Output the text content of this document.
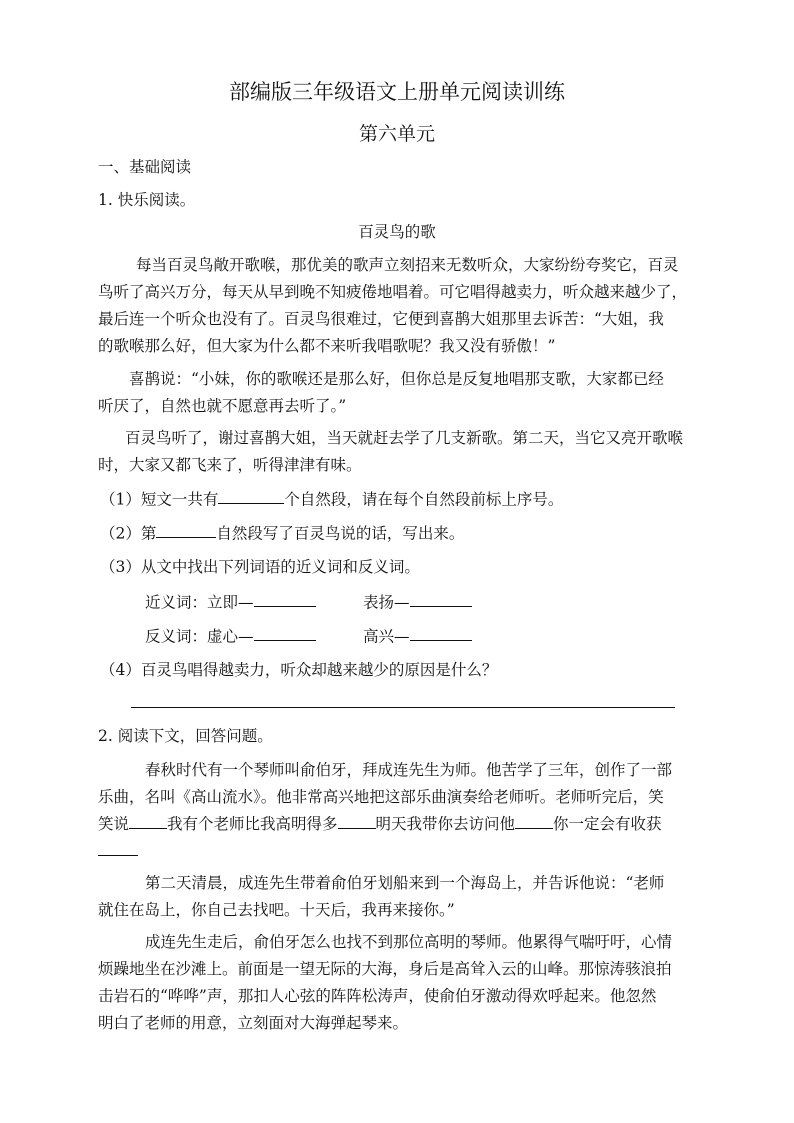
部编版三年级语文上册单元阅读训练
第六单元
一、基础阅读
1. 快乐阅读。
百灵鸟的歌
每当百灵鸟敞开歌喉，那优美的歌声立刻招来无数听众，大家纷纷夸奖它，百灵
鸟听了高兴万分，每天从早到晚不知疲倦地唱着。可它唱得越卖力，听众越来越少了，
最后连一个听众也没有了。百灵鸟很难过，它便到喜鹊大姐那里去诉苦：“大姐，我
的歌喉那么好，但大家为什么都不来听我唱歌呢？我又没有骄傲！”
喜鹊说：“小妹，你的歌喉还是那么好，但你总是反复地唱那支歌，大家都已经
听厌了，自然也就不愿意再去听了。”
百灵鸟听了，谢过喜鹊大姐，当天就赶去学了几支新歌。第二天，当它又亮开歌喉
时，大家又都飞来了，听得津津有味。
（1）短文一共有	个自然段，请在每个自然段前标上序号。
（2）第	自然段写了百灵鸟说的话，写出来。
（3）从文中找出下列词语的近义词和反义词。
近义词：立即—	表扬—
反义词：虚心—	高兴—
（4）百灵鸟唱得越卖力，听众却越来越少的原因是什么？
2. 阅读下文，回答问题。
春秋时代有一个琴师叫俞伯牙，拜成连先生为师。他苦学了三年，创作了一部
乐曲，名叫《高山流水》。他非常高兴地把这部乐曲演奏给老师听。老师听完后，笑
笑说 我有个老师比我高明得多 明天我带你去访问他 你一定会有收获
第二天清晨，成连先生带着俞伯牙划船来到一个海岛上，并告诉他说：“老师
就住在岛上，你自己去找吧。十天后，我再来接你。”
成连先生走后，俞伯牙怎么也找不到那位高明的琴师。他累得气喘吁吁，心情
烦躁地坐在沙滩上。前面是一望无际的大海，身后是高耸入云的山峰。那惊涛骇浪拍
击岩石的“哗哗”声，那扣人心弦的阵阵松涛声，使俞伯牙激动得欢呼起来。他忽然
明白了老师的用意，立刻面对大海弹起琴来。
